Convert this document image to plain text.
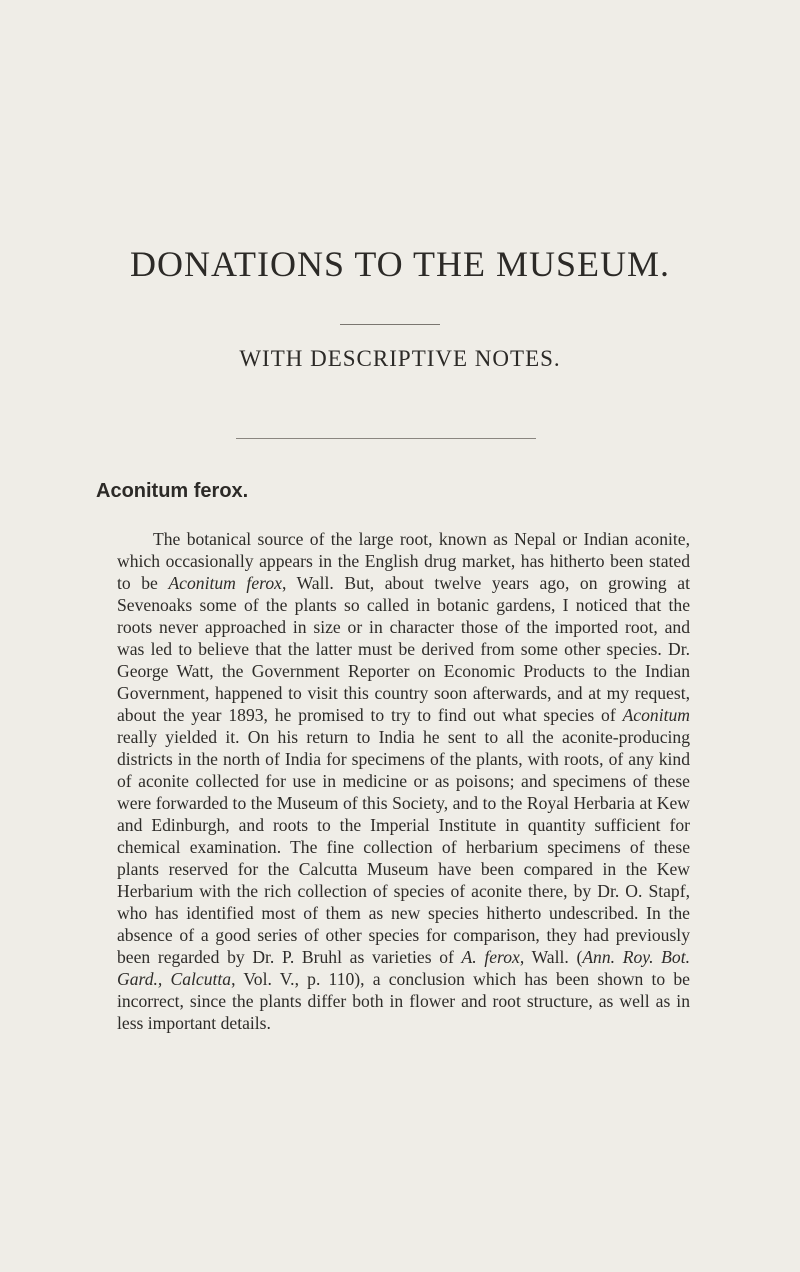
DONATIONS TO THE MUSEUM.
WITH DESCRIPTIVE NOTES.
Aconitum ferox.

The botanical source of the large root, known as Nepal or Indian aconite, which occasionally appears in the English drug market, has hitherto been stated to be Aconitum ferox, Wall. But, about twelve years ago, on growing at Sevenoaks some of the plants so called in botanic gardens, I noticed that the roots never approached in size or in character those of the imported root, and was led to believe that the latter must be derived from some other species. Dr. George Watt, the Government Reporter on Economic Products to the Indian Government, happened to visit this country soon afterwards, and at my request, about the year 1893, he promised to try to find out what species of Aconitum really yielded it. On his return to India he sent to all the aconite-producing districts in the north of India for specimens of the plants, with roots, of any kind of aconite collected for use in medicine or as poisons; and specimens of these were forwarded to the Museum of this Society, and to the Royal Herbaria at Kew and Edinburgh, and roots to the Imperial Institute in quantity sufficient for chemical examination. The fine collection of herbarium specimens of these plants reserved for the Calcutta Museum have been compared in the Kew Herbarium with the rich collection of species of aconite there, by Dr. O. Stapf, who has identified most of them as new species hitherto undescribed. In the absence of a good series of other species for comparison, they had previously been regarded by Dr. P. Bruhl as varieties of A. ferox, Wall. (Ann. Roy. Bot. Gard., Calcutta, Vol. V., p. 110), a conclusion which has been shown to be incorrect, since the plants differ both in flower and root structure, as well as in less important details.
